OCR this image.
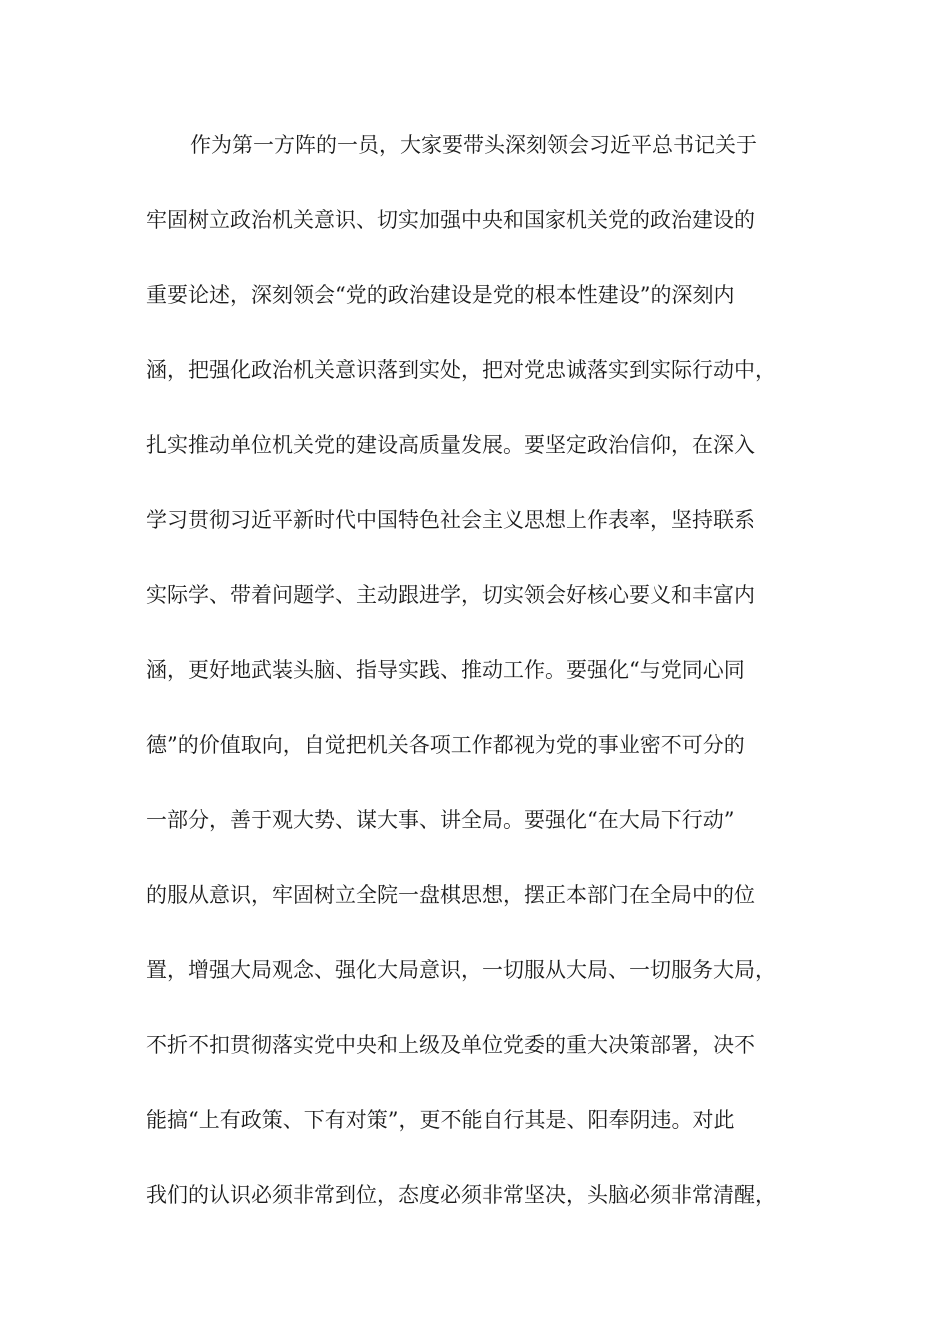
作为第一方阵的一员，大家要带头深刻领会习近平总书记关于
牢固树立政治机关意识、切实加强中央和国家机关党的政治建设的
重要论述，深刻领会“党的政治建设是党的根本性建设”的深刻内
涵，把强化政治机关意识落到实处，把对党忠诚落实到实际行动中，
扎实推动单位机关党的建设高质量发展。要坚定政治信仰，在深入
学习贯彻习近平新时代中国特色社会主义思想上作表率，坚持联系
实际学、带着问题学、主动跟进学，切实领会好核心要义和丰富内
涵，更好地武装头脑、指导实践、推动工作。要强化“与党同心同
德”的价值取向，自觉把机关各项工作都视为党的事业密不可分的
一部分，善于观大势、谋大事、讲全局。要强化“在大局下行动”
的服从意识，牢固树立全院一盘棋思想，摆正本部门在全局中的位
置，增强大局观念、强化大局意识，一切服从大局、一切服务大局，
不折不扣贯彻落实党中央和上级及单位党委的重大决策部署，决不
能搞“上有政策、下有对策”，更不能自行其是、阳奉阴违。对此
我们的认识必须非常到位，态度必须非常坚决，头脑必须非常清醒，
